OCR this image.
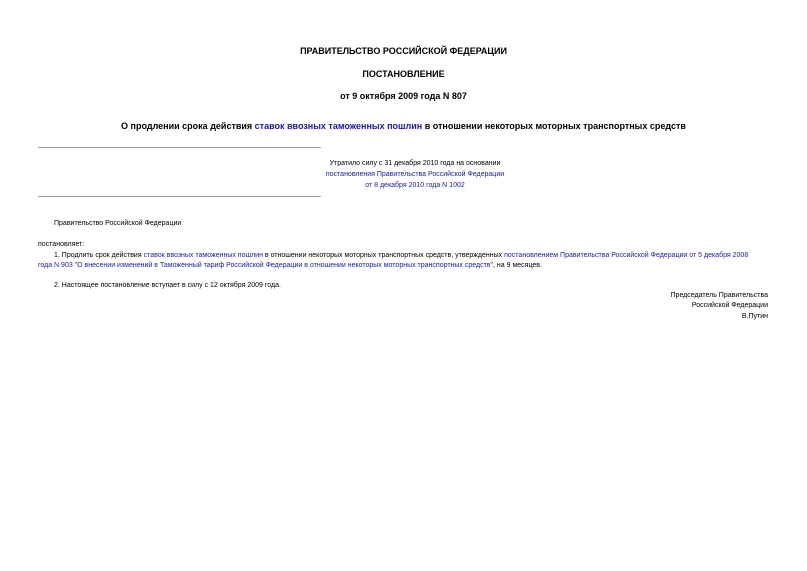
ПРАВИТЕЛЬСТВО РОССИЙСКОЙ ФЕДЕРАЦИИ
ПОСТАНОВЛЕНИЕ
от 9 октября 2009 года N 807
О продлении срока действия ставок ввозных таможенных пошлин в отношении некоторых моторных транспортных средств
Утратило силу с 31 декабря 2010 года на основании
постановления Правительства Российской Федерации
от 8 декабря 2010 года N 1002
Правительство Российской Федерации
постановляет:
1. Продлить срок действия ставок ввозных таможенных пошлин в отношении некоторых моторных транспортных средств, утвержденных постановлением Правительства Российской Федерации от 5 декабря 2008
года N 903 "О внесении изменений в Таможенный тариф Российской Федерации в отношении некоторых моторных транспортных средств", на 9 месяцев.
2. Настоящее постановление вступает в силу с 12 октября 2009 года.
Председатель Правительства
Российской Федерации
В.Путин
